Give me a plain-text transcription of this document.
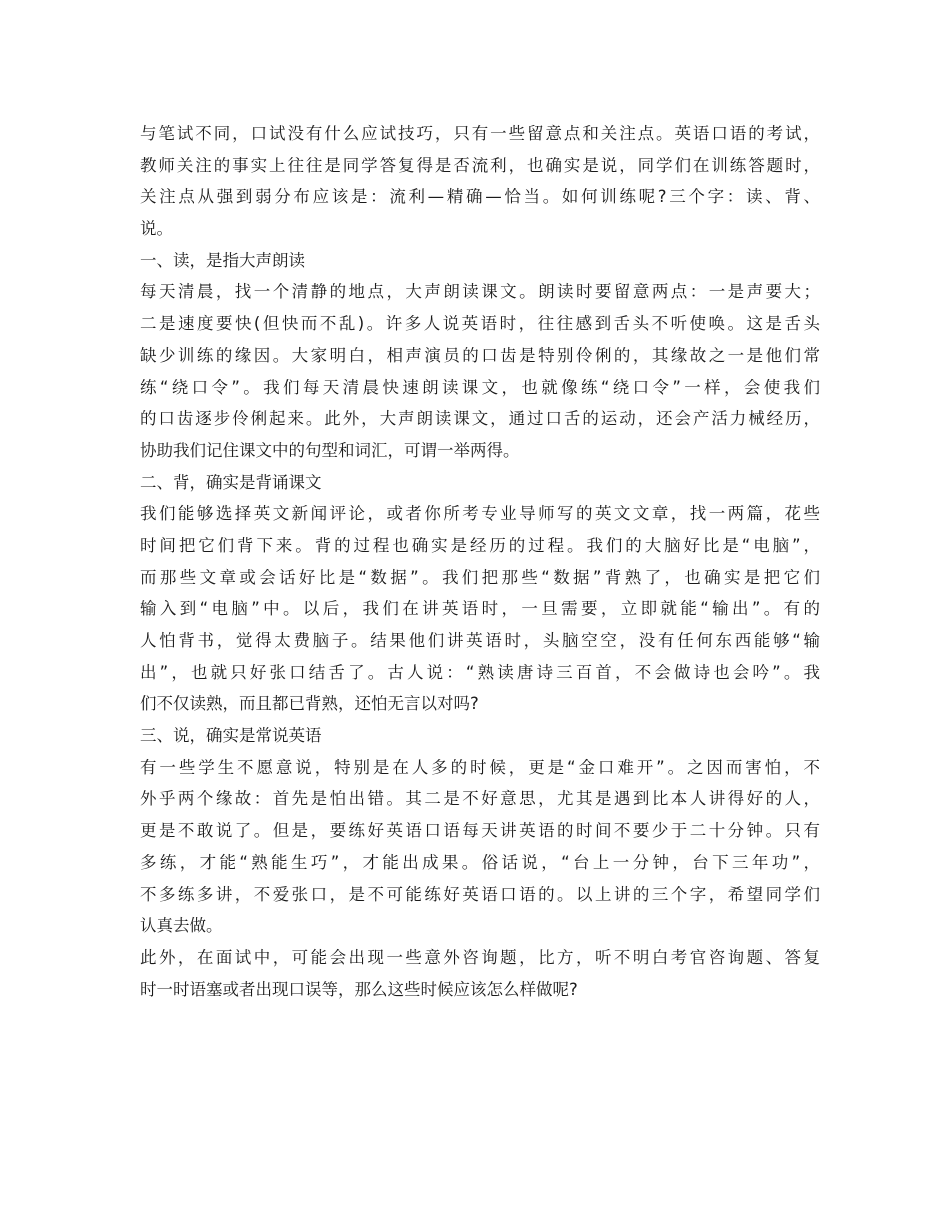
与笔试不同，口试没有什么应试技巧，只有一些留意点和关注点。英语口语的考试，
教师关注的事实上往往是同学答复得是否流利，也确实是说，同学们在训练答题时，
关注点从强到弱分布应该是：流利—精确—恰当。如何训练呢?三个字：读、背、
说。
一、读，是指大声朗读
每天清晨，找一个清静的地点，大声朗读课文。朗读时要留意两点：一是声要大；
二是速度要快(但快而不乱)。许多人说英语时，往往感到舌头不听使唤。这是舌头
缺少训练的缘因。大家明白，相声演员的口齿是特别伶俐的，其缘故之一是他们常
练“绕口令”。我们每天清晨快速朗读课文，也就像练“绕口令”一样，会使我们
的口齿逐步伶俐起来。此外，大声朗读课文，通过口舌的运动，还会产活力械经历，
协助我们记住课文中的句型和词汇，可谓一举两得。
二、背，确实是背诵课文
我们能够选择英文新闻评论，或者你所考专业导师写的英文文章，找一两篇，花些
时间把它们背下来。背的过程也确实是经历的过程。我们的大脑好比是“电脑”，
而那些文章或会话好比是“数据”。我们把那些“数据”背熟了，也确实是把它们
输入到“电脑”中。以后，我们在讲英语时，一旦需要，立即就能“输出”。有的
人怕背书，觉得太费脑子。结果他们讲英语时，头脑空空，没有任何东西能够“输
出”，也就只好张口结舌了。古人说：“熟读唐诗三百首，不会做诗也会吟”。我
们不仅读熟，而且都已背熟，还怕无言以对吗?
三、说，确实是常说英语
有一些学生不愿意说，特别是在人多的时候，更是“金口难开”。之因而害怕，不
外乎两个缘故：首先是怕出错。其二是不好意思，尤其是遇到比本人讲得好的人，
更是不敢说了。但是，要练好英语口语每天讲英语的时间不要少于二十分钟。只有
多练，才能“熟能生巧”，才能出成果。俗话说，“台上一分钟，台下三年功”，
不多练多讲，不爱张口，是不可能练好英语口语的。以上讲的三个字，希望同学们
认真去做。
此外，在面试中，可能会出现一些意外咨询题，比方，听不明白考官咨询题、答复
时一时语塞或者出现口误等，那么这些时候应该怎么样做呢?
